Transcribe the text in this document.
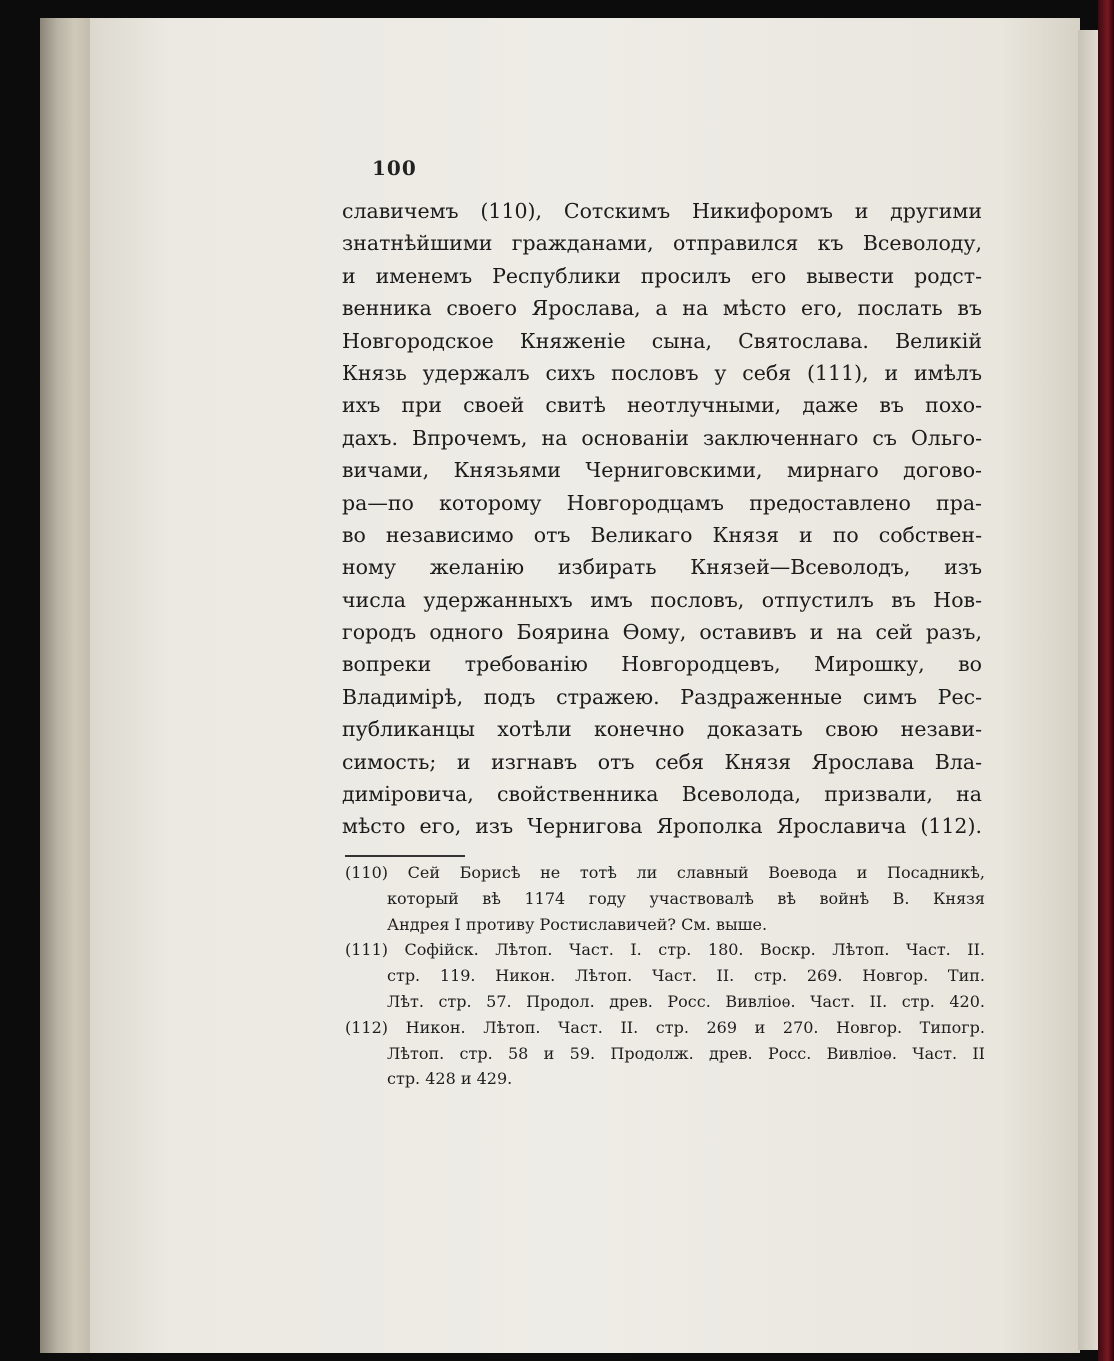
100
славичемъ (110), Сотскимъ Никифоромъ и другими
знатнѣйшими гражданами, отправился къ Всеволоду,
и именемъ Республики просилъ его вывести родст-
венника своего Ярослава, а на мѣсто его, послать въ
Новгородское Княженіе сына, Святослава. Великій
Князь удержалъ сихъ пословъ у себя (111), и имѣлъ
ихъ при своей свитѣ неотлучными, даже въ похо-
дахъ. Впрочемъ, на основаніи заключеннаго съ Ольго-
вичами, Князьями Черниговскими, мирнаго догово-
ра—по которому Новгородцамъ предоставлено пра-
во независимо отъ Великаго Князя и по собствен-
ному желанію избирать Князей—Всеволодъ, изъ
числа удержанныхъ имъ пословъ, отпустилъ въ Нов-
городъ одного Боярина Ѳому, оставивъ и на сей разъ,
вопреки требованію Новгородцевъ, Мирошку, во
Владимірѣ, подъ стражею. Раздраженные симъ Рес-
публиканцы хотѣли конечно доказать свою незави-
симость; и изгнавъ отъ себя Князя Ярослава Вла-
диміровича, свойственника Всеволода, призвали, на
мѣсто его, изъ Чернигова Ярополка Ярославича (112).
(110) Сей Борисѣ не тотѣ ли славный Воевода и Посадникѣ,
который вѣ 1174 году участвовалѣ вѣ войнѣ В. Князя
Андрея I противу Ростиславичей? См. выше.
(111) Софійск. Лѣтоп. Част. I. стр. 180. Воскр. Лѣтоп. Част. II.
стр. 119. Никон. Лѣтоп. Част. II. стр. 269. Новгор. Тип.
Лѣт. стр. 57. Продол. древ. Росс. Вивліоѳ. Част. II. стр. 420.
(112) Никон. Лѣтоп. Част. II. стр. 269 и 270. Новгор. Типогр.
Лѣтоп. стр. 58 и 59. Продолж. древ. Росс. Вивліоѳ. Част. II
стр. 428 и 429.
